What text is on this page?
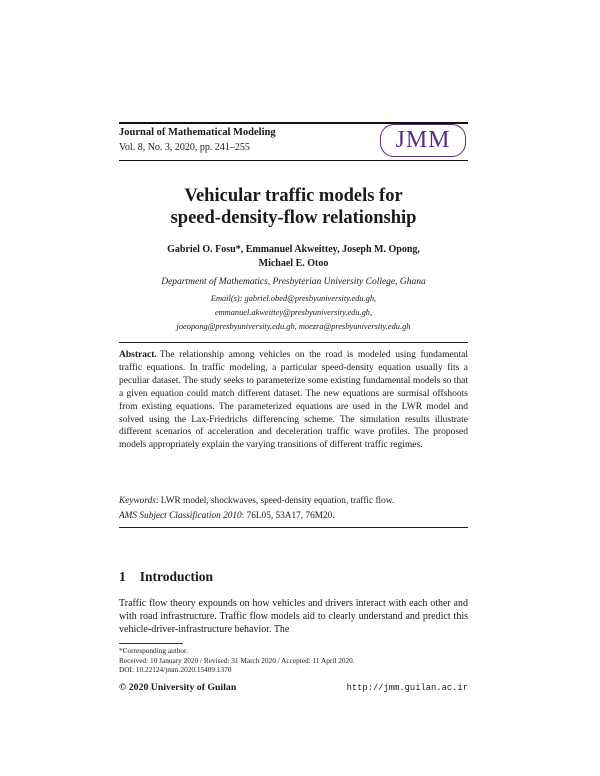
Journal of Mathematical Modeling
Vol. 8, No. 3, 2020, pp. 241–255	JMM
Vehicular traffic models for
speed-density-flow relationship
Gabriel O. Fosu*, Emmanuel Akweittey, Joseph M. Opong,
Michael E. Otoo
Department of Mathematics, Presbyterian University College, Ghana
Email(s): gabriel.obed@presbyuniversity.edu.gh,
emmanuel.akweittey@presbyuniversity.edu.gh,
joeopong@presbyuniversity.edu.gh, moezra@presbyuniversity.edu.gh
Abstract. The relationship among vehicles on the road is modeled using fundamental traffic equations. In traffic modeling, a particular speed-density equation usually fits a peculiar dataset. The study seeks to parameterize some existing fundamental models so that a given equation could match different dataset. The new equations are surmisal offshoots from existing equations. The parameterized equations are used in the LWR model and solved using the Lax-Friedrichs differencing scheme. The simulation results illustrate different scenarios of acceleration and deceleration traffic wave profiles. The proposed models appropriately explain the varying transitions of different traffic regimes.
Keywords: LWR model, shockwaves, speed-density equation, traffic flow.
AMS Subject Classification 2010: 76L05, 53A17, 76M20.
1 Introduction
Traffic flow theory expounds on how vehicles and drivers interact with each other and with road infrastructure. Traffic flow models aid to clearly understand and predict this vehicle-driver-infrastructure behavior. The
*Corresponding author.
Received: 10 January 2020 / Revised: 31 March 2020 / Accepted: 11 April 2020.
DOI: 10.22124/jmm.2020.15409.1370
© 2020 University of Guilan	http://jmm.guilan.ac.ir
